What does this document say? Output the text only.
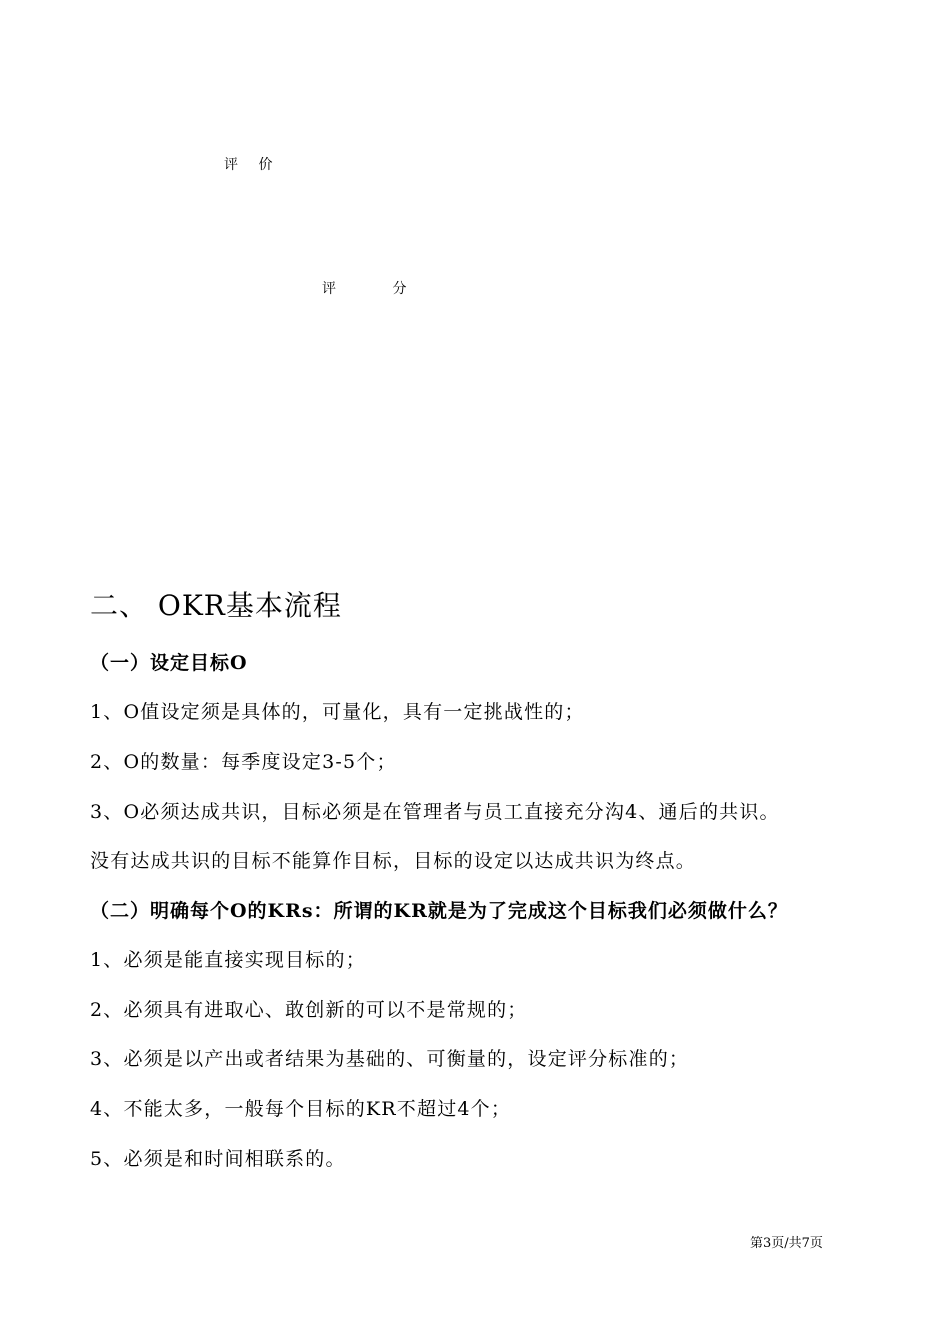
评 价
评 分
二、 OKR基本流程
（一）设定目标O
1、O值设定须是具体的，可量化，具有一定挑战性的；
2、O的数量：每季度设定3-5个；
3、O必须达成共识，目标必须是在管理者与员工直接充分沟4、通后的共识。
没有达成共识的目标不能算作目标，目标的设定以达成共识为终点。
（二）明确每个O的KRs：所谓的KR就是为了完成这个目标我们必须做什么？
1、必须是能直接实现目标的；
2、必须具有进取心、敢创新的可以不是常规的；
3、必须是以产出或者结果为基础的、可衡量的，设定评分标准的；
4、不能太多，一般每个目标的KR不超过4个；
5、必须是和时间相联系的。
第3页/共7页
